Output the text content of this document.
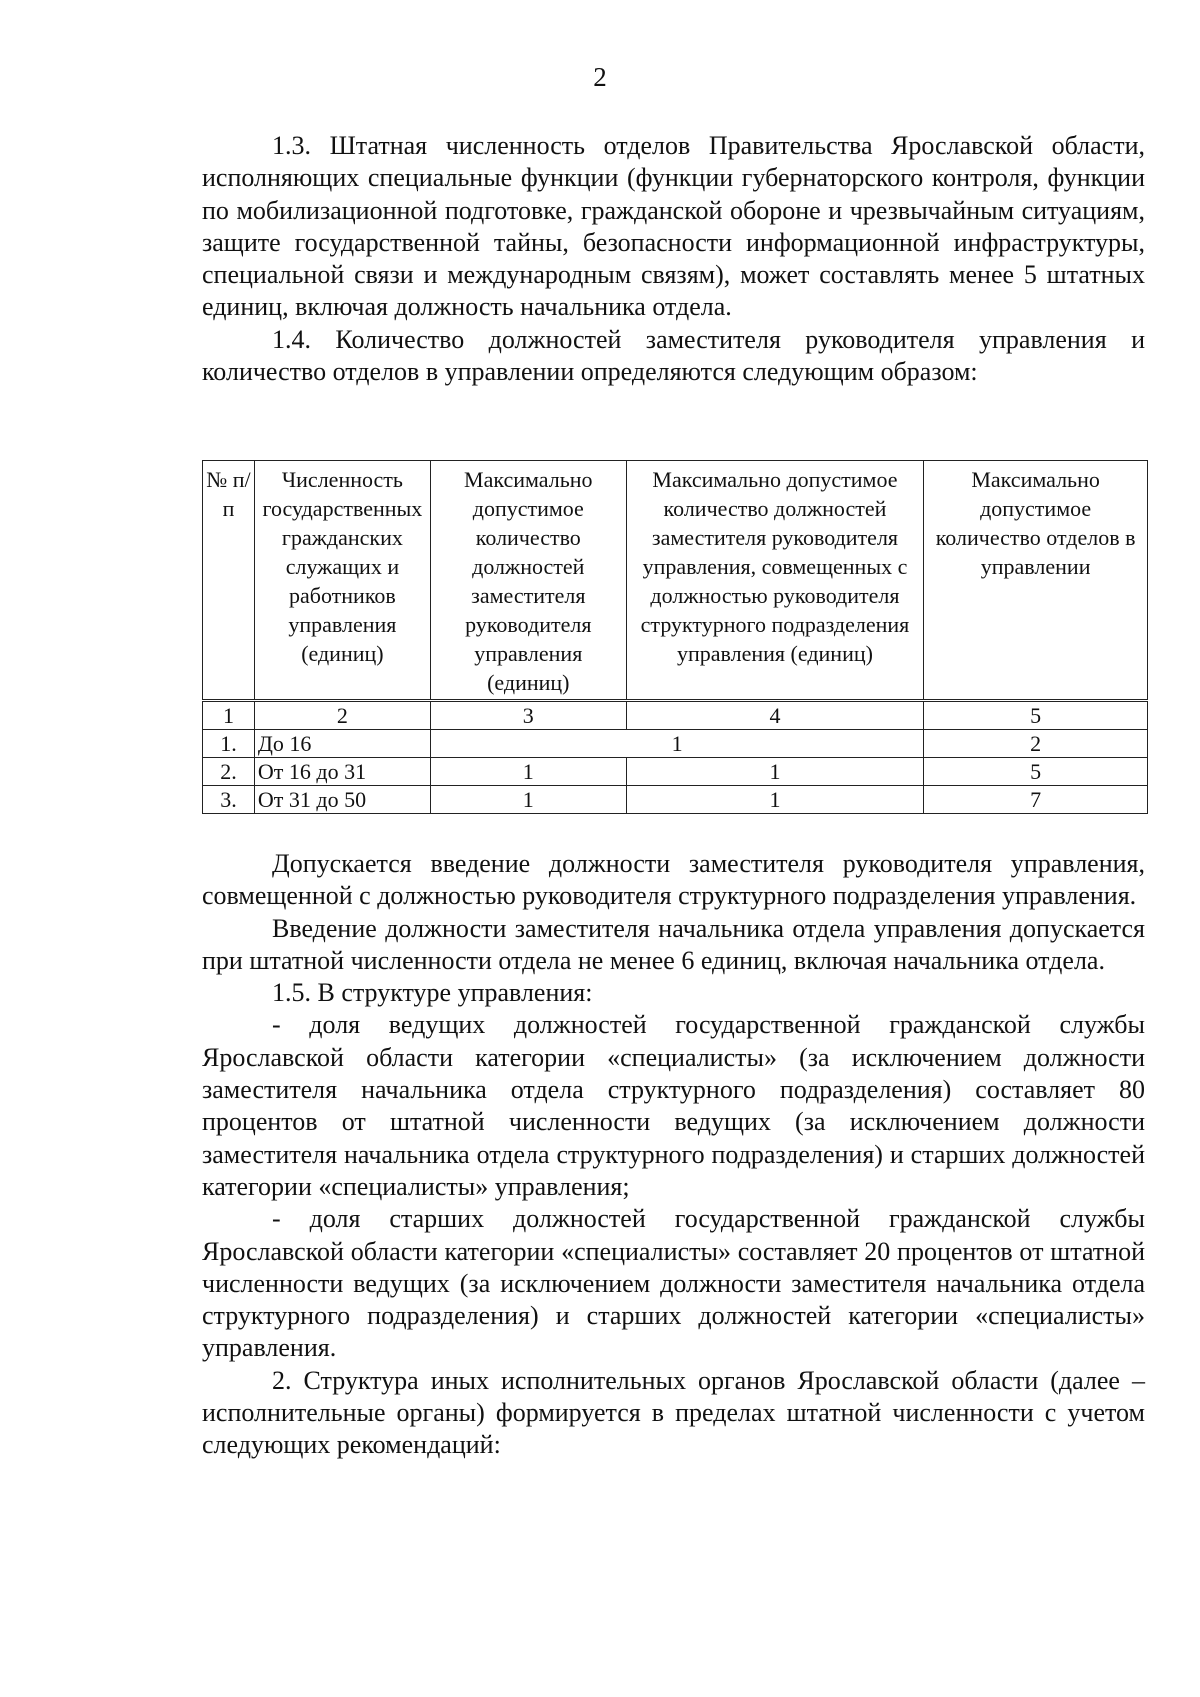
2

1.3. Штатная численность отделов Правительства Ярославской области, исполняющих специальные функции (функции губернаторского контроля, функции по мобилизационной подготовке, гражданской обороне и чрезвычайным ситуациям, защите государственной тайны, безопасности информационной инфраструктуры, специальной связи и международным связям), может составлять менее 5 штатных единиц, включая должность начальника отдела.

1.4. Количество должностей заместителя руководителя управления и количество отделов в управлении определяются следующим образом:

№ п/п	Численность государственных гражданских служащих и работников управления (единиц)	Максимально допустимое количество должностей заместителя руководителя управления (единиц)	Максимально допустимое количество должностей заместителя руководителя управления, совмещенных с должностью руководителя структурного подразделения управления (единиц)	Максимально допустимое количество отделов в управлении
1	2	3	4	5
1.	До 16	1		2
2.	От 16 до 31	1	1	5
3.	От 31 до 50	1	1	7

Допускается введение должности заместителя руководителя управления, совмещенной с должностью руководителя структурного подразделения управления.

Введение должности заместителя начальника отдела управления допускается при штатной численности отдела не менее 6 единиц, включая начальника отдела.

1.5. В структуре управления:

- доля ведущих должностей государственной гражданской службы Ярославской области категории «специалисты» (за исключением должности заместителя начальника отдела структурного подразделения) составляет 80 процентов от штатной численности ведущих (за исключением должности заместителя начальника отдела структурного подразделения) и старших должностей категории «специалисты» управления;

- доля старших должностей государственной гражданской службы Ярославской области категории «специалисты» составляет 20 процентов от штатной численности ведущих (за исключением должности заместителя начальника отдела структурного подразделения) и старших должностей категории «специалисты» управления.

2. Структура иных исполнительных органов Ярославской области (далее – исполнительные органы) формируется в пределах штатной численности с учетом следующих рекомендаций:
